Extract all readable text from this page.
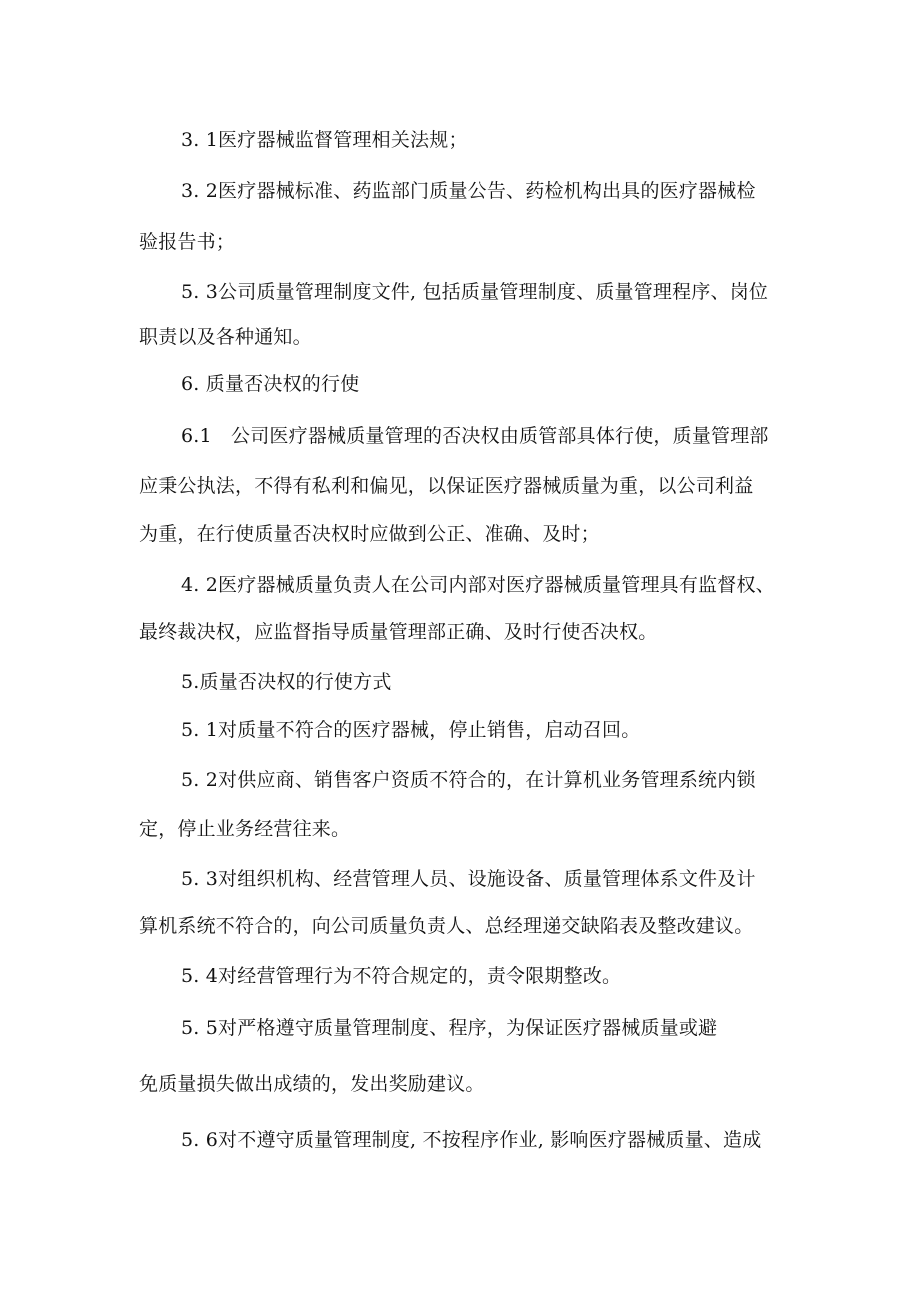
3. 1医疗器械监督管理相关法规；
3. 2医疗器械标准、药监部门质量公告、药检机构出具的医疗器械检
验报告书；
5. 3公司质量管理制度文件, 包括质量管理制度、质量管理程序、岗位
职责以及各种通知。
6. 质量否决权的行使
6.1　公司医疗器械质量管理的否决权由质管部具体行使，质量管理部
应秉公执法，不得有私利和偏见，以保证医疗器械质量为重，以公司利益
为重，在行使质量否决权时应做到公正、准确、及时；
4. 2医疗器械质量负责人在公司内部对医疗器械质量管理具有监督权、
最终裁决权，应监督指导质量管理部正确、及时行使否决权。
5.质量否决权的行使方式
5. 1对质量不符合的医疗器械，停止销售，启动召回。
5. 2对供应商、销售客户资质不符合的，在计算机业务管理系统内锁
定，停止业务经营往来。
5. 3对组织机构、经营管理人员、设施设备、质量管理体系文件及计
算机系统不符合的，向公司质量负责人、总经理递交缺陷表及整改建议。
5. 4对经营管理行为不符合规定的，责令限期整改。
5. 5对严格遵守质量管理制度、程序，为保证医疗器械质量或避
免质量损失做出成绩的，发出奖励建议。
5. 6对不遵守质量管理制度, 不按程序作业, 影响医疗器械质量、造成
